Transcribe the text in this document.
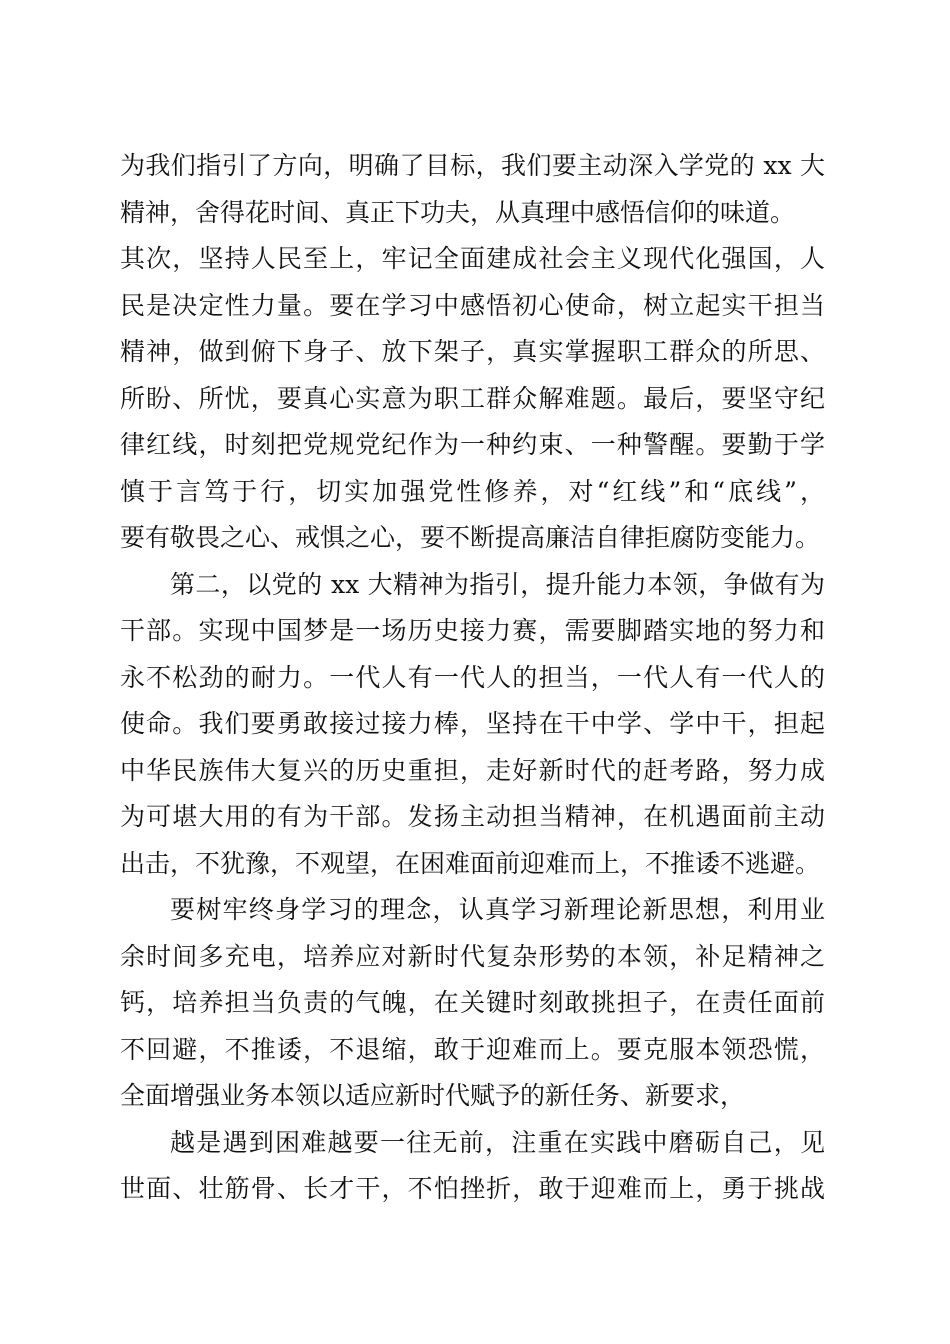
为我们指引了方向，明确了目标，我们要主动深入学党的 xx 大
精神，舍得花时间、真正下功夫，从真理中感悟信仰的味道。
其次，坚持人民至上，牢记全面建成社会主义现代化强国，人
民是决定性力量。要在学习中感悟初心使命，树立起实干担当
精神，做到俯下身子、放下架子，真实掌握职工群众的所思、
所盼、所忧，要真心实意为职工群众解难题。最后，要坚守纪
律红线，时刻把党规党纪作为一种约束、一种警醒。要勤于学
慎于言笃于行，切实加强党性修养，对“红线”和“底线”，
要有敬畏之心、戒惧之心，要不断提高廉洁自律拒腐防变能力。
第二，以党的 xx 大精神为指引，提升能力本领，争做有为
干部。实现中国梦是一场历史接力赛，需要脚踏实地的努力和
永不松劲的耐力。一代人有一代人的担当，一代人有一代人的
使命。我们要勇敢接过接力棒，坚持在干中学、学中干，担起
中华民族伟大复兴的历史重担，走好新时代的赶考路，努力成
为可堪大用的有为干部。发扬主动担当精神，在机遇面前主动
出击，不犹豫，不观望，在困难面前迎难而上，不推诿不逃避。
要树牢终身学习的理念，认真学习新理论新思想，利用业
余时间多充电，培养应对新时代复杂形势的本领，补足精神之
钙，培养担当负责的气魄，在关键时刻敢挑担子，在责任面前
不回避，不推诿，不退缩，敢于迎难而上。要克服本领恐慌，
全面增强业务本领以适应新时代赋予的新任务、新要求，
越是遇到困难越要一往无前，注重在实践中磨砺自己，见
世面、壮筋骨、长才干，不怕挫折，敢于迎难而上，勇于挑战
